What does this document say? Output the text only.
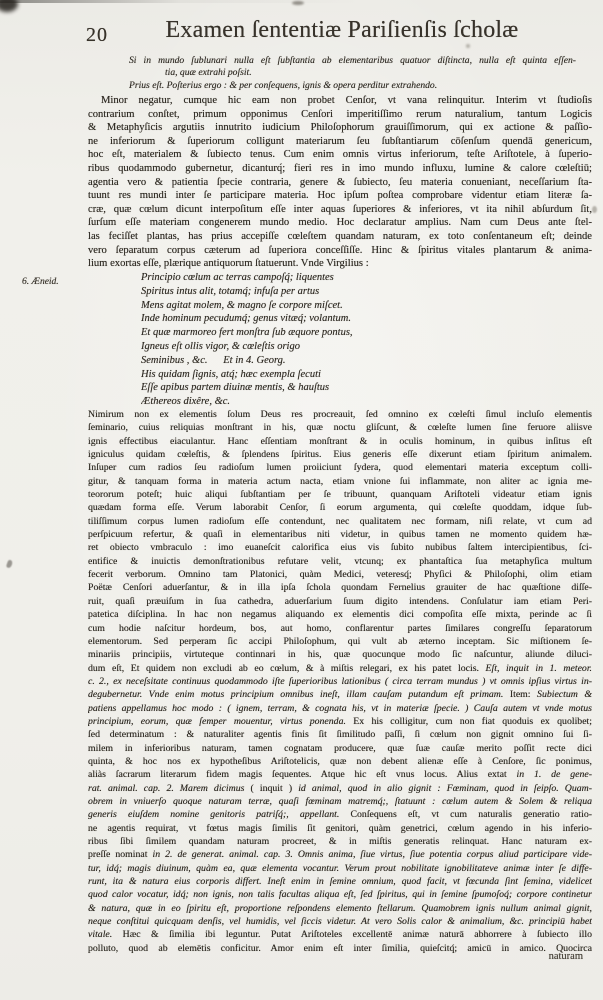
20	Examen ſententiæ Pariſienſis ſcholæ
Si in mundo ſublunari nulla eſt ſubſtantia ab elementaribus quatuor diſtincta, nulla eſt quinta eſſen-
tia, quæ extrahi poſsit.
Prius eſt. Poſterius ergo : & per conſequens, ignis & opera perditur extrahendo.
Minor negatur, cumque hic eam non probet Cenſor, vt vana relinquitur. Interim vt ſtudioſis
contrarium conſtet, primum opponimus Cenſori imperitiſſimo rerum naturalium, tantum Logicis
& Metaphyſicis argutiis innutrito iudicium Philoſophorum grauiſſimorum, qui ex actione & paſſio-
ne inferiorum & ſuperiorum colligunt materiarum ſeu ſubſtantiarum cōſenſum quendā genericum,
hoc eſt, materialem & ſubiecto tenus. Cum enim omnis virtus inferiorum, teſte Ariſtotele, à ſuperio-
ribus quodammodo gubernetur, dicanturq́; fieri res in imo mundo influxu, lumine & calore cœleſtiū;
agentia vero & patientia ſpecie contraria, genere & ſubiecto, ſeu materia conueniant, neceſſarium ſta-
tuunt res mundi inter ſe participare materia. Hoc ipſum poſtea comprobare videntur etiam literæ ſa-
cræ, quæ cœlum dicunt interpoſitum eſſe inter aquas ſuperiores & inferiores, vt ita nihil abſurdum ſit,
ſurſum eſſe materiam congenerem mundo medio. Hoc declaratur amplius. Nam cum Deus ante ſtel-
las feciſſet plantas, has prius accepiſſe cœleſtem quandam naturam, ex toto conſentaneum eſt; deinde
vero ſeparatum corpus cæterum ad ſuperiora conceſſiſſe. Hinc & ſpiritus vitales plantarum & anima-
lium exortas eſſe, plærique antiquorum ſtatuerunt. Vnde Virgilius :
6. Æneid.	Principio cœlum ac terras campoſq́; liquentes
Spiritus intus alit, totamq́; infuſa per artus
Mens agitat molem, & magno ſe corpore miſcet.
Inde hominum pecudumq́; genus vitæq́; volantum.
Et quæ marmoreo fert monſtra ſub æquore pontus,
Igneus eſt ollis vigor, & cœleſtis origo
Seminibus , &c.  Et in 4. Georg.
His quidam ſignis, atq́; hæc exempla ſecuti
Eſſe apibus partem diuinæ mentis, & hauſtus
Æthereos dixêre, &c.
Nimirum non ex elementis ſolum Deus res procreauit, ſed omnino ex cœleſti ſimul incluſo elementis
ſeminario, cuius reliquias monſtrant in his, quæ noctu gliſcunt, & cœleſte lumen ſine feruore aliisve
ignis effectibus eiaculantur. Hanc eſſentiam monſtrant & in oculis hominum, in quibus inſitus eſt
igniculus quidam cœleſtis, & ſplendens ſpiritus. Eius generis eſſe dixerunt etiam ſpiritum animalem.
Inſuper cum radios ſeu radioſum lumen proiiciunt ſydera, quod elementari materia exceptum colli-
gitur, & tanquam forma in materia actum nacta, etiam vnione ſui inflammate, non aliter ac ignia me-
teororum poteſt; huic aliqui ſubſtantiam per ſe tribuunt, quanquam Ariſtoteli videatur etiam ignis
quædam forma eſſe. Verum laborabit Cenſor, ſi eorum argumenta, qui cœleſte quoddam, idque ſub-
tiliſſimum corpus lumen radioſum eſſe contendunt, nec qualitatem nec formam, niſi relate, vt cum ad
perſpicuum refertur, & quaſi in elementaribus niti videtur, in quibus tamen ne momento quidem hæ-
ret obiecto vmbraculo : imo euaneſcit calorifica eius vis ſubito nubibus ſaltem intercipientibus, ſci-
entifice & inuictis demonſtrationibus refutare velit, vtcunq; ex phantaſtica ſua metaphyſica multum
fecerit verborum. Omnino tam Platonici, quàm Medici, veteresq́; Phyſici & Philoſophi, olim etiam
Poëtæ Cenſori aduerſantur, & in illa ipſa ſchola quondam Fernelius grauiter de hac quæſtione diſſe-
ruit, quaſi præuiſum in ſua cathedra, aduerſarium ſuum digito intendens. Conſulatur iam etiam Peri-
patetica diſciplina. In hac non negamus aliquando ex elementis dici compoſita eſſe mixta, perinde ac ſi
cum hodie naſcitur hordeum, bos, aut homo, conflarentur partes ſimilares congreſſu ſeparatorum
elementorum. Sed perperam ſic accipi Philoſophum, qui vult ab æterno inceptam. Sic miſtionem ſe-
minariis principiis, virtuteque continnari in his, quæ quocunque modo ſic naſcuntur, aliunde diluci-
dum eſt, Et quidem non excludi ab eo cœlum, & à miſtis relegari, ex his patet locis. Eſt, inquit in 1. meteor.
c. 2., ex neceſsitate continuus quodammodo iſte ſuperioribus lationibus ( circa terram mundus ) vt omnis ipſius virtus in-
degubernetur. Vnde enim motus principium omnibus ineſt, illam cauſam putandum eſt primam. Item: Subiectum &
patiens appellamus hoc modo : ( ignem, terram, & cognata his, vt in materiæ ſpecie. ) Cauſa autem vt vnde motus
principium, eorum, quæ ſemper mouentur, virtus ponenda. Ex his colligitur, cum non fiat quoduis ex quolibet;
ſed determinatum : & naturaliter agentis finis ſit ſimilitudo paſſi, ſi cœlum non gignit omnino ſui ſi-
milem in inferioribus naturam, tamen cognatam producere, quæ ſuæ cauſæ merito poſſit recte dici
quinta, & hoc nos ex hypotheſibus Ariſtotelicis, quæ non debent alienæ eſſe à Cenſore, ſic ponimus,
aliàs ſacrarum literarum fidem magis ſequentes. Atque hic eſt vnus locus. Alius extat in 1. de gene-
rat. animal. cap. 2. Marem dicimus ( inquit ) id animal, quod in alio gignit : Fœminam, quod in ſeipſo. Quam-
obrem in vniuerſo quoque naturam terræ, quaſi fœminam matremq́;, ſtatuunt : cœlum autem & Solem & reliqua
generis eiuſdem nomine genitoris patriſq́;, appellant. Conſequens eſt, vt cum naturalis generatio ratio-
ne agentis requirat, vt fœtus magis ſimilis ſit genitori, quàm genetrici, cœlum agendo in his inferio-
ribus ſibi ſimilem quandam naturam procreet, & in miſtis generatis relinquat. Hanc naturam ex-
preſſe nominat in 2. de generat. animal. cap. 3. Omnis anima, ſiue virtus, ſiue potentia corpus aliud participare vide-
tur, idq́; magis diuinum, quàm ea, quæ elementa vocantur. Verum prout nobilitate ignobilitateve animæ inter ſe diffe-
runt, ita & natura eius corporis differt. Ineſt enim in ſemine omnium, quod facit, vt fœcunda ſint ſemina, videlicet
quod calor vocatur, idq́; non ignis, non talis facultas aliqua eſt, ſed ſpiritus, qui in ſemine ſpumoſoq́; corpore continetur
& natura, quæ in eo ſpiritu eſt, proportione reſpondens elemento ſtellarum. Quamobrem ignis nullum animal gignit,
neque conſtitui quicquam denſis, vel humidis, vel ſiccis videtur. At vero Solis calor & animalium, &c. principiū habet
vitale. Hæc & ſimilia ibi leguntur. Putat Ariſtoteles excellentē animæ naturā abhorrere à ſubiecto illo
polluto, quod ab elemētis conficitur. Amor enim eſt inter ſimilia, quieſcitq́; amicū in amico. Quocirca
naturam
